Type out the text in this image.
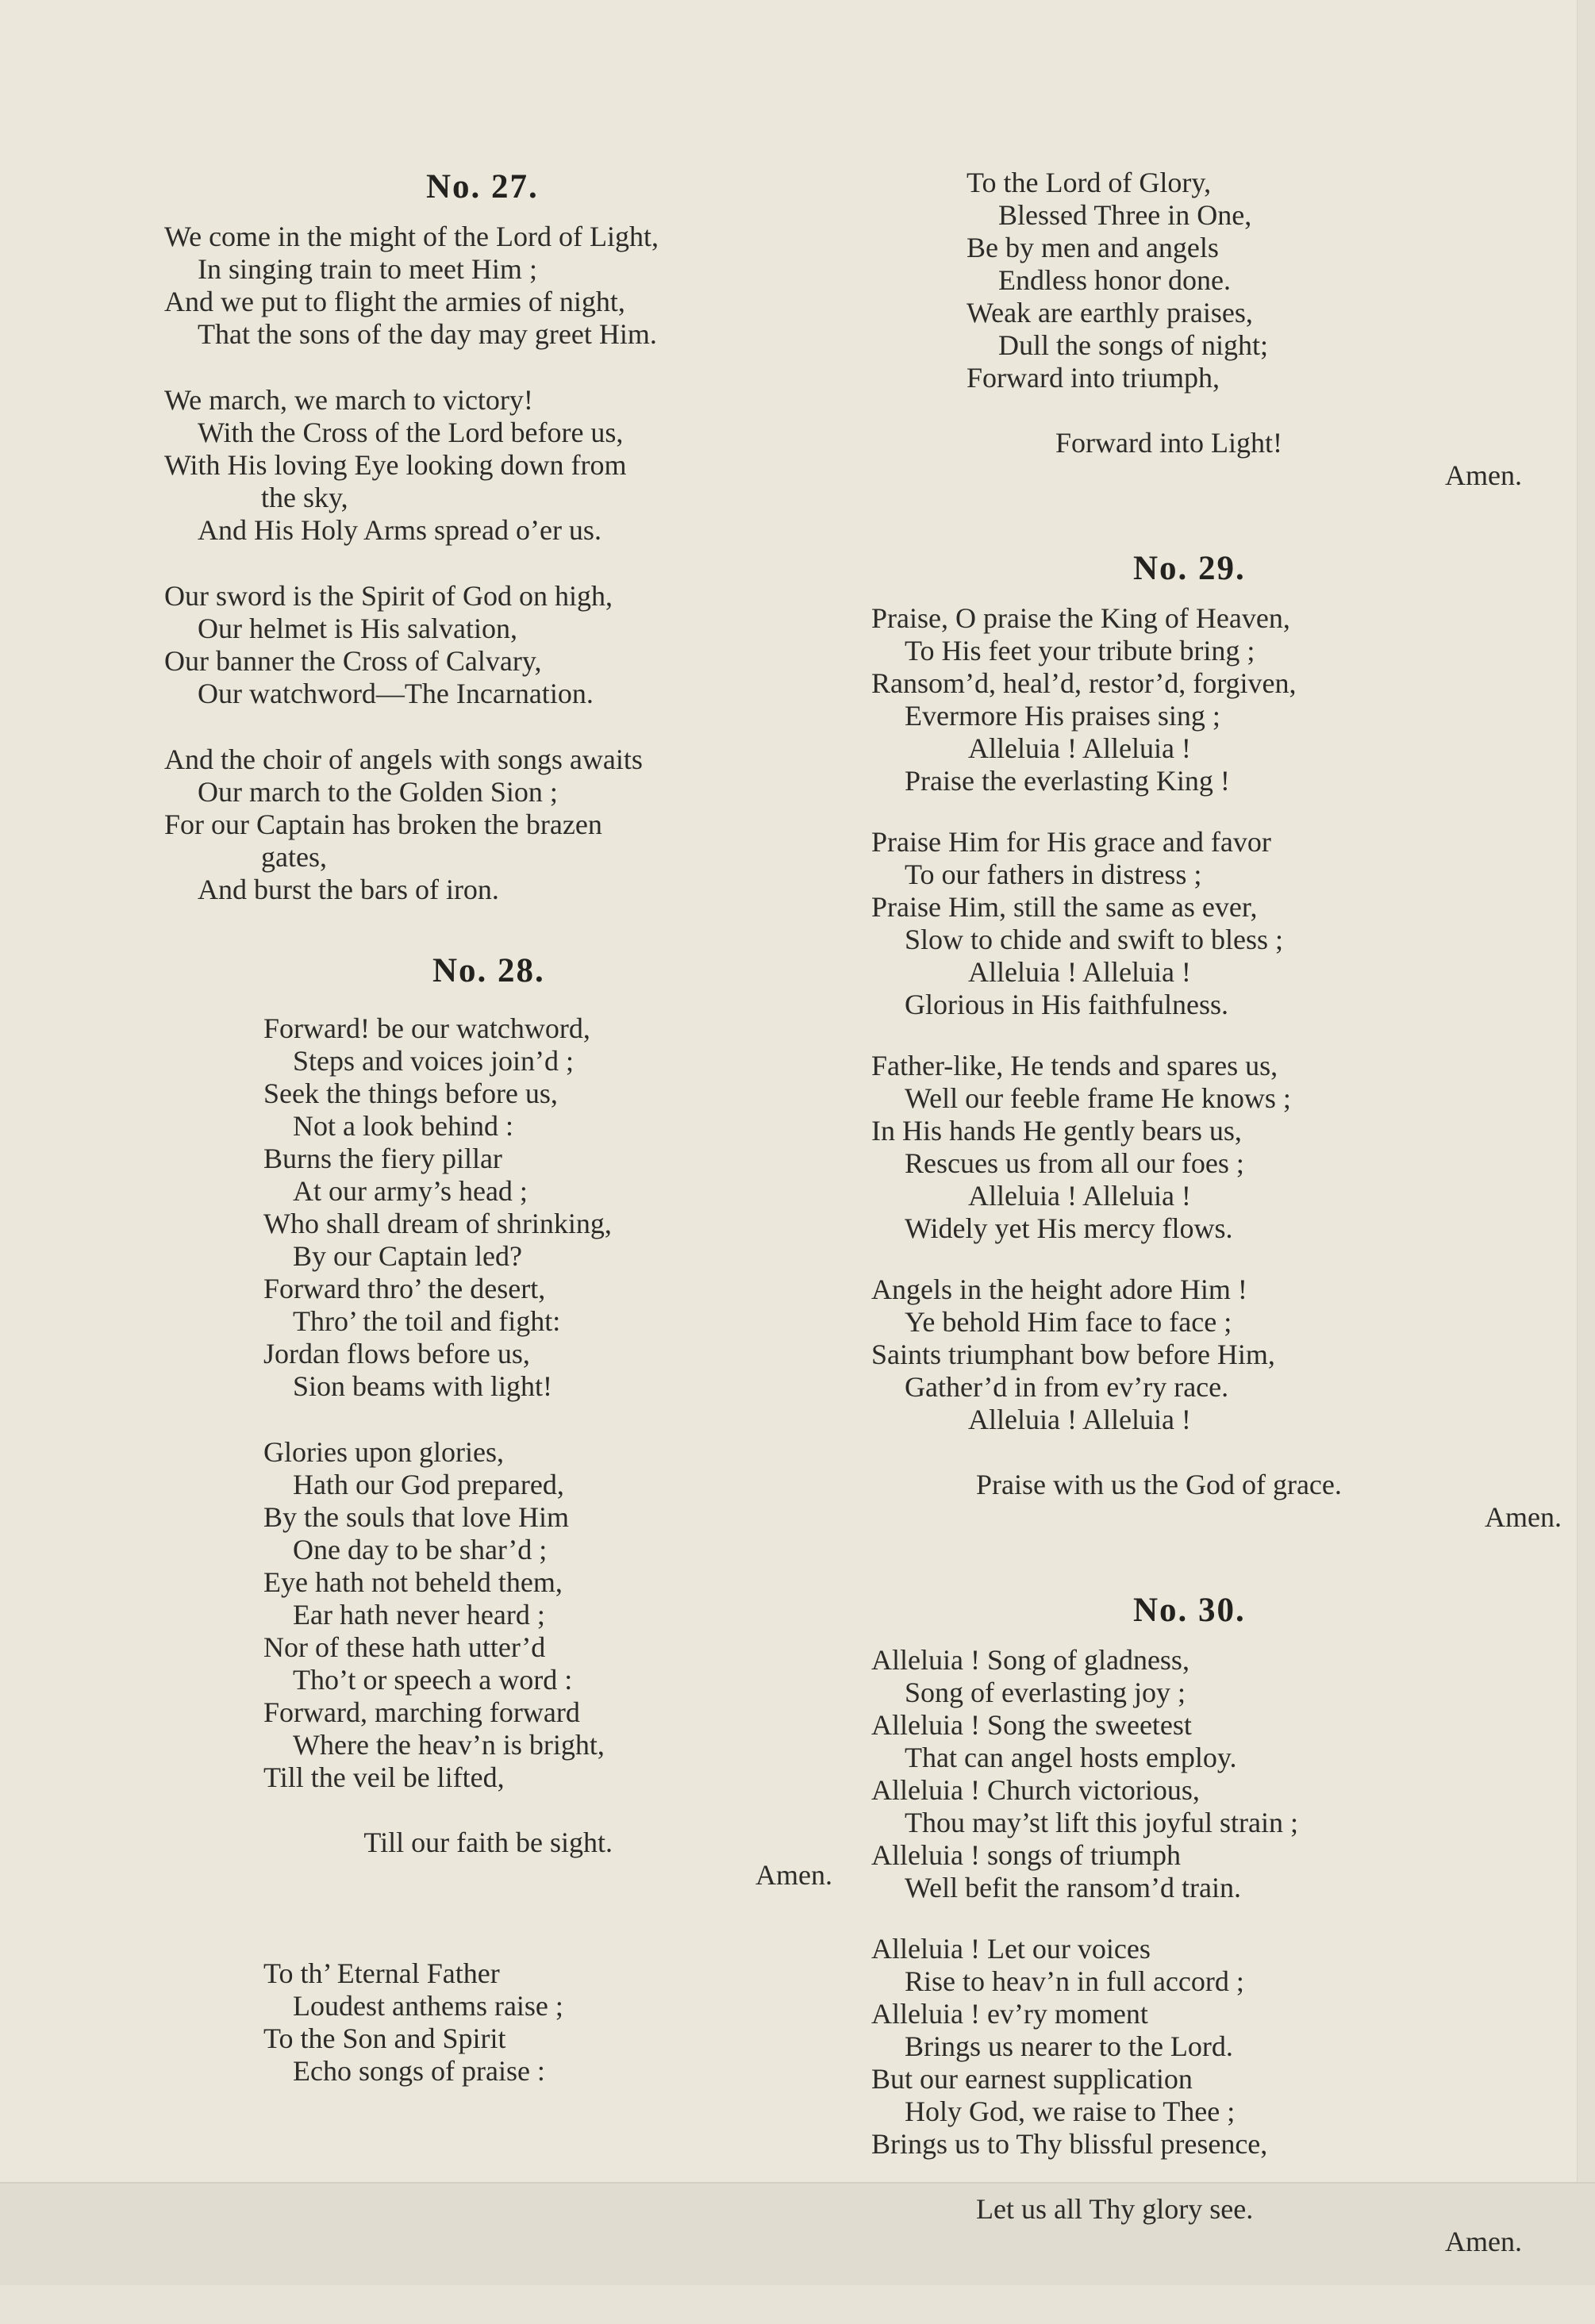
No. 27.
We come in the might of the Lord of Light,
In singing train to meet Him ;
And we put to flight the armies of night,
That the sons of the day may greet Him.
We march, we march to victory!
With the Cross of the Lord before us,
With His loving Eye looking down from
the sky,
And His Holy Arms spread o’er us.
Our sword is the Spirit of God on high,
Our helmet is His salvation,
Our banner the Cross of Calvary,
Our watchword—The Incarnation.
And the choir of angels with songs awaits
Our march to the Golden Sion ;
For our Captain has broken the brazen
gates,
And burst the bars of iron.
No. 28.
Forward! be our watchword,
Steps and voices join’d ;
Seek the things before us,
Not a look behind :
Burns the fiery pillar
At our army’s head ;
Who shall dream of shrinking,
By our Captain led?
Forward thro’ the desert,
Thro’ the toil and fight:
Jordan flows before us,
Sion beams with light!
Glories upon glories,
Hath our God prepared,
By the souls that love Him
One day to be shar’d ;
Eye hath not beheld them,
Ear hath never heard ;
Nor of these hath utter’d
Tho’t or speech a word :
Forward, marching forward
Where the heav’n is bright,
Till the veil be lifted,

Till our faith be sight.

Amen.

To th’ Eternal Father
Loudest anthems raise ;
To the Son and Spirit
Echo songs of praise :
To the Lord of Glory,
Blessed Three in One,
Be by men and angels
Endless honor done.
Weak are earthly praises,
Dull the songs of night;
Forward into triumph,

Forward into Light!

Amen.

No. 29.
Praise, O praise the King of Heaven,
To His feet your tribute bring ;
Ransom’d, heal’d, restor’d, forgiven,
Evermore His praises sing ;
Alleluia ! Alleluia !
Praise the everlasting King !
Praise Him for His grace and favor
To our fathers in distress ;
Praise Him, still the same as ever,
Slow to chide and swift to bless ;
Alleluia ! Alleluia !
Glorious in His faithfulness.
Father-like, He tends and spares us,
Well our feeble frame He knows ;
In His hands He gently bears us,
Rescues us from all our foes ;
Alleluia ! Alleluia !
Widely yet His mercy flows.
Angels in the height adore Him !
Ye behold Him face to face ;
Saints triumphant bow before Him,
Gather’d in from ev’ry race.
Alleluia ! Alleluia !

Praise with us the God of grace.

Amen.

No. 30.
Alleluia ! Song of gladness,
Song of everlasting joy ;
Alleluia ! Song the sweetest
That can angel hosts employ.
Alleluia ! Church victorious,
Thou may’st lift this joyful strain ;
Alleluia ! songs of triumph
Well befit the ransom’d train.
Alleluia ! Let our voices
Rise to heav’n in full accord ;
Alleluia ! ev’ry moment
Brings us nearer to the Lord.
But our earnest supplication
Holy God, we raise to Thee ;
Brings us to Thy blissful presence,

Let us all Thy glory see.

Amen.
